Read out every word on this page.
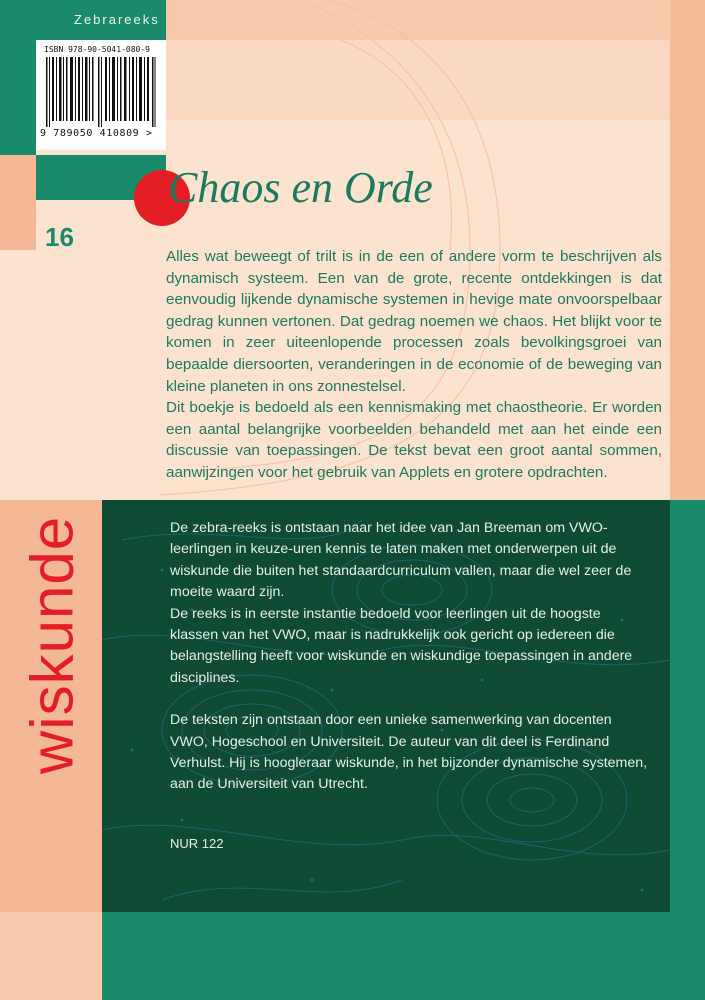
Zebrareeks
ISBN 978-90-5041-080-9
9 789050 410809 >
16
Chaos en Orde

Alles wat beweegt of trilt is in de een of andere vorm te beschrijven als dynamisch systeem. Een van de grote, recente ontdekkingen is dat eenvoudig lijkende dynamische systemen in hevige mate onvoorspelbaar gedrag kunnen vertonen. Dat gedrag noemen we chaos. Het blijkt voor te komen in zeer uiteenlopende processen zoals bevolkingsgroei van bepaalde diersoorten, veranderingen in de economie of de beweging van kleine planeten in ons zonnestelsel.

Dit boekje is bedoeld als een kennismaking met chaostheorie. Er worden een aantal belangrijke voorbeelden behandeld met aan het einde een discussie van toepassingen. De tekst bevat een groot aantal sommen, aanwijzingen voor het gebruik van Applets en grotere opdrachten.

wiskunde	De zebra-reeks is ontstaan naar het idee van Jan Breeman om VWO-leerlingen in keuze-uren kennis te laten maken met onderwerpen uit de wiskunde die buiten het standaardcurriculum vallen, maar die wel zeer de moeite waard zijn.

De reeks is in eerste instantie bedoeld voor leerlingen uit de hoogste klassen van het VWO, maar is nadrukkelijk ook gericht op iedereen die belangstelling heeft voor wiskunde en wiskundige toepassingen in andere disciplines.

De teksten zijn ontstaan door een unieke samenwerking van docenten VWO, Hogeschool en Universiteit. De auteur van dit deel is Ferdinand Verhulst. Hij is hoogleraar wiskunde, in het bijzonder dynamische systemen, aan de Universiteit van Utrecht.

NUR 122
